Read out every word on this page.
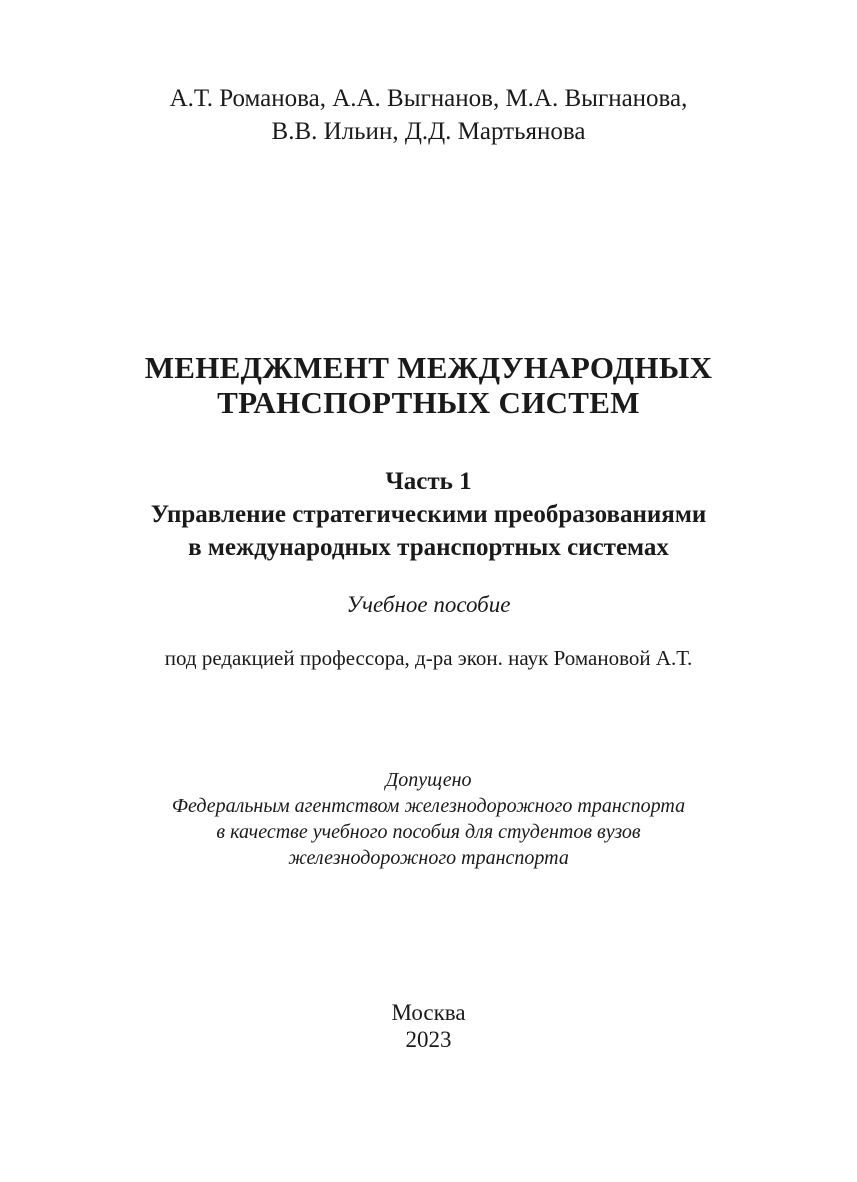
А.Т. Романова, А.А. Выгнанов, М.А. Выгнанова,
В.В. Ильин, Д.Д. Мартьянова
МЕНЕДЖМЕНТ МЕЖДУНАРОДНЫХ
ТРАНСПОРТНЫХ СИСТЕМ
Часть 1
Управление стратегическими преобразованиями
в международных транспортных системах
Учебное пособие
под редакцией профессора, д-ра экон. наук Романовой А.Т.
Допущено
Федеральным агентством железнодорожного транспорта
в качестве учебного пособия для студентов вузов
железнодорожного транспорта
Москва
2023
